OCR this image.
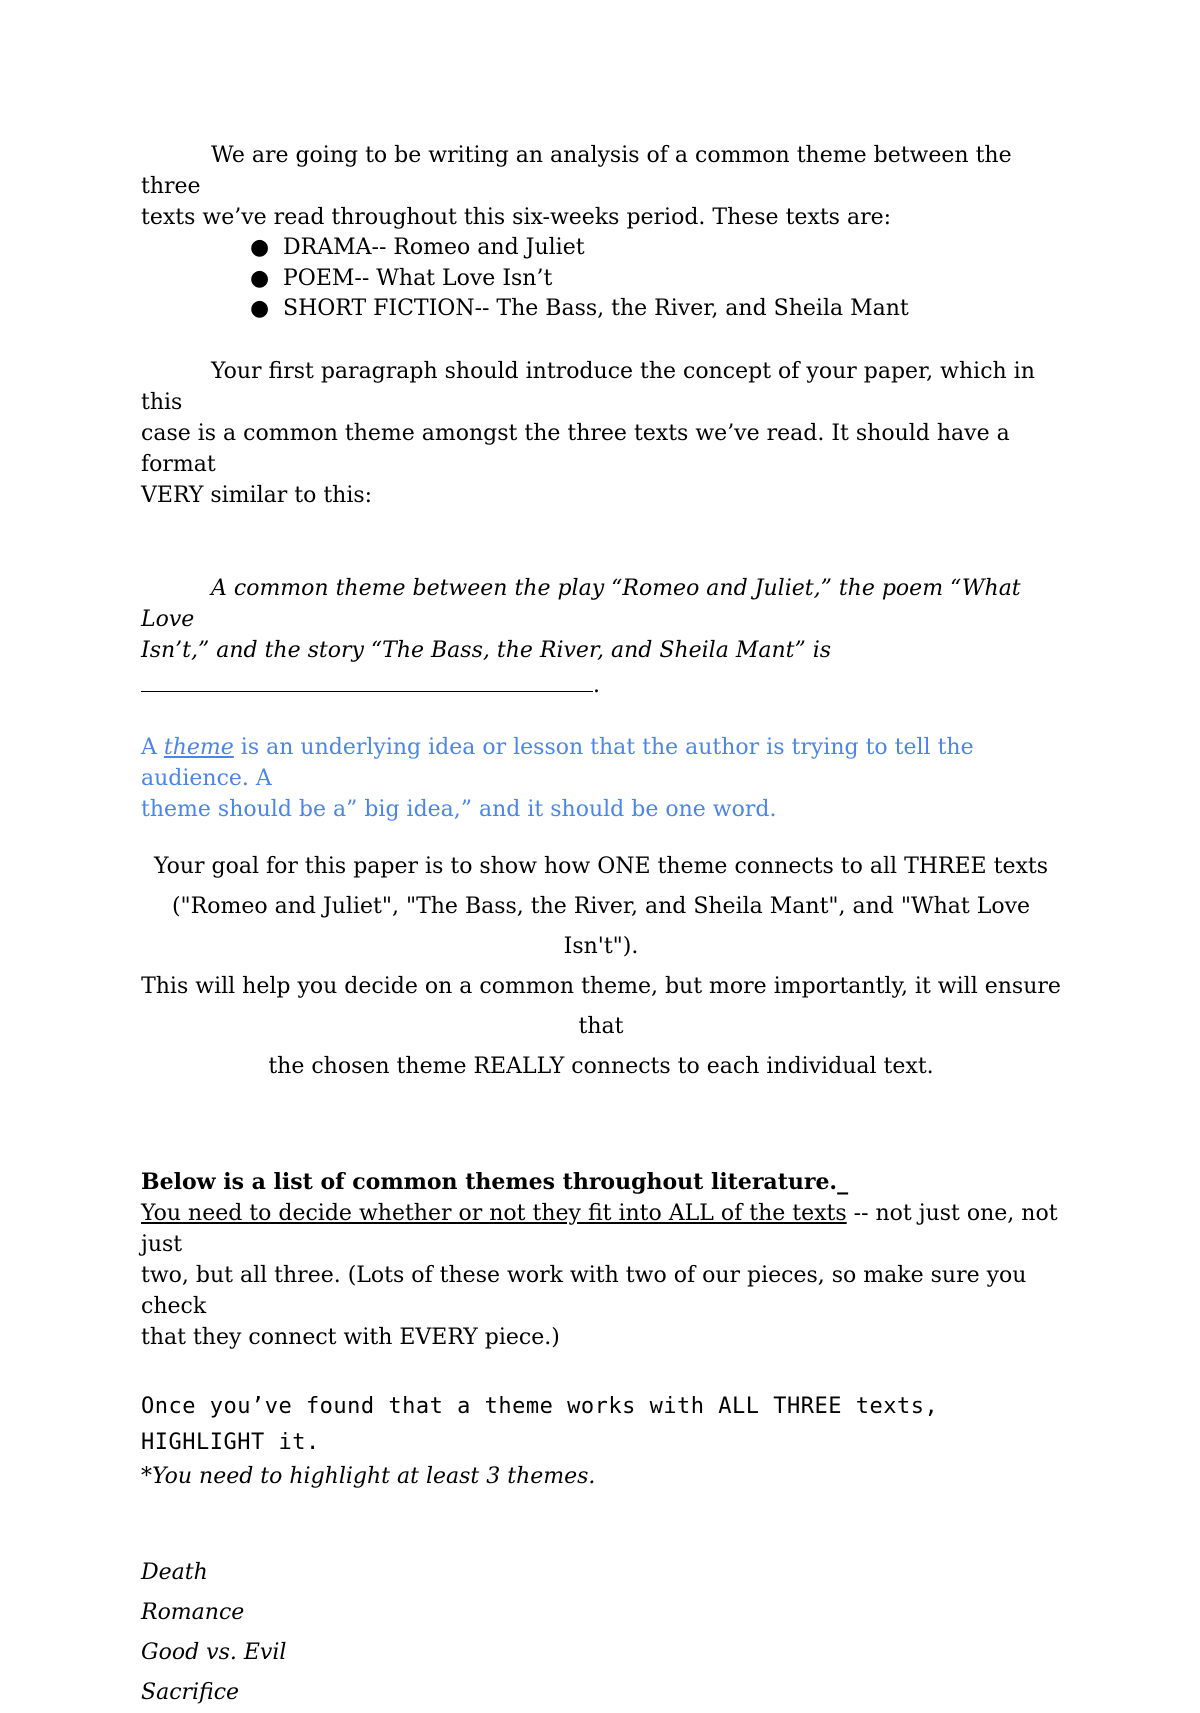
We are going to be writing an analysis of a common theme between the three

texts we’ve read throughout this six-weeks period. These texts are:

● DRAMA-- Romeo and Juliet
● POEM-- What Love Isn’t
● SHORT FICTION-- The Bass, the River, and Sheila Mant

Your first paragraph should introduce the concept of your paper, which in this

case is a common theme amongst the three texts we’ve read. It should have a format

VERY similar to this:

A common theme between the play “Romeo and Juliet,” the poem “What Love

Isn’t,” and the story “The Bass, the River, and Sheila Mant” is

.

A theme is an underlying idea or lesson that the author is trying to tell the audience. A

theme should be a” big idea,” and it should be one word.

Your goal for this paper is to show how ONE theme connects to all THREE texts
("Romeo and Juliet", "The Bass, the River, and Sheila Mant", and "What Love Isn't").
This will help you decide on a common theme, but more importantly, it will ensure that
the chosen theme REALLY connects to each individual text.

Below is a list of common themes throughout literature._

You need to decide whether or not they fit into ALL of the texts -- not just one, not just

two, but all three. (Lots of these work with two of our pieces, so make sure you check

that they connect with EVERY piece.)

Once you’ve found that a theme works with ALL THREE texts,
HIGHLIGHT it.

*You need to highlight at least 3 themes.

Death
Romance
Good vs. Evil
Sacrifice
